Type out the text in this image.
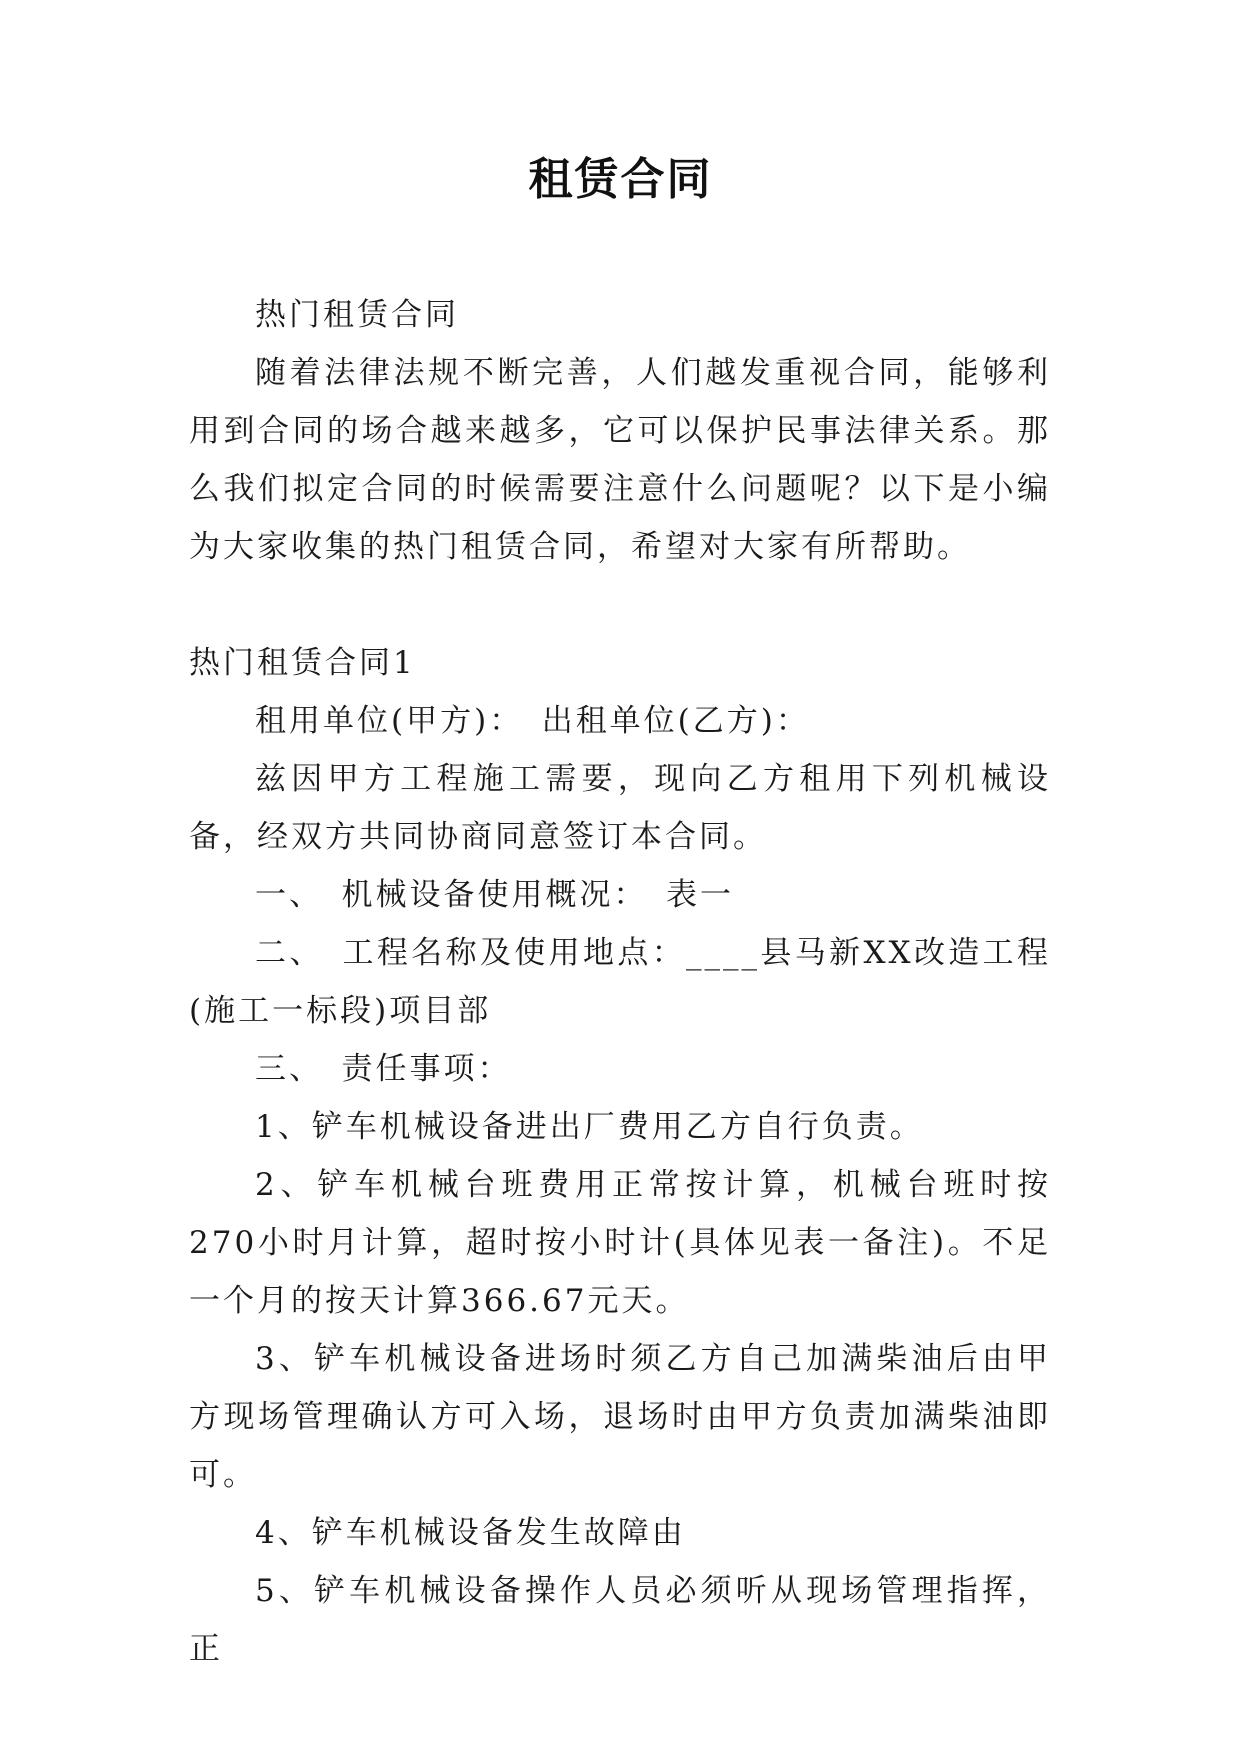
租赁合同

热门租赁合同

随着法律法规不断完善，人们越发重视合同，能够利用到合同的场合越来越多，它可以保护民事法律关系。那么我们拟定合同的时候需要注意什么问题呢？以下是小编为大家收集的热门租赁合同，希望对大家有所帮助。

热门租赁合同1

租用单位(甲方)：　出租单位(乙方)：

兹因甲方工程施工需要，现向乙方租用下列机械设备，经双方共同协商同意签订本合同。

一、　机械设备使用概况：　表一

二、　工程名称及使用地点：____县马新XX改造工程(施工一标段)项目部

三、　责任事项：

1、铲车机械设备进出厂费用乙方自行负责。

2、铲车机械台班费用正常按计算，机械台班时按270小时月计算，超时按小时计(具体见表一备注)。不足一个月的按天计算366.67元天。

3、铲车机械设备进场时须乙方自己加满柴油后由甲方现场管理确认方可入场，退场时由甲方负责加满柴油即可。

4、铲车机械设备发生故障由

5、铲车机械设备操作人员必须听从现场管理指挥，正
